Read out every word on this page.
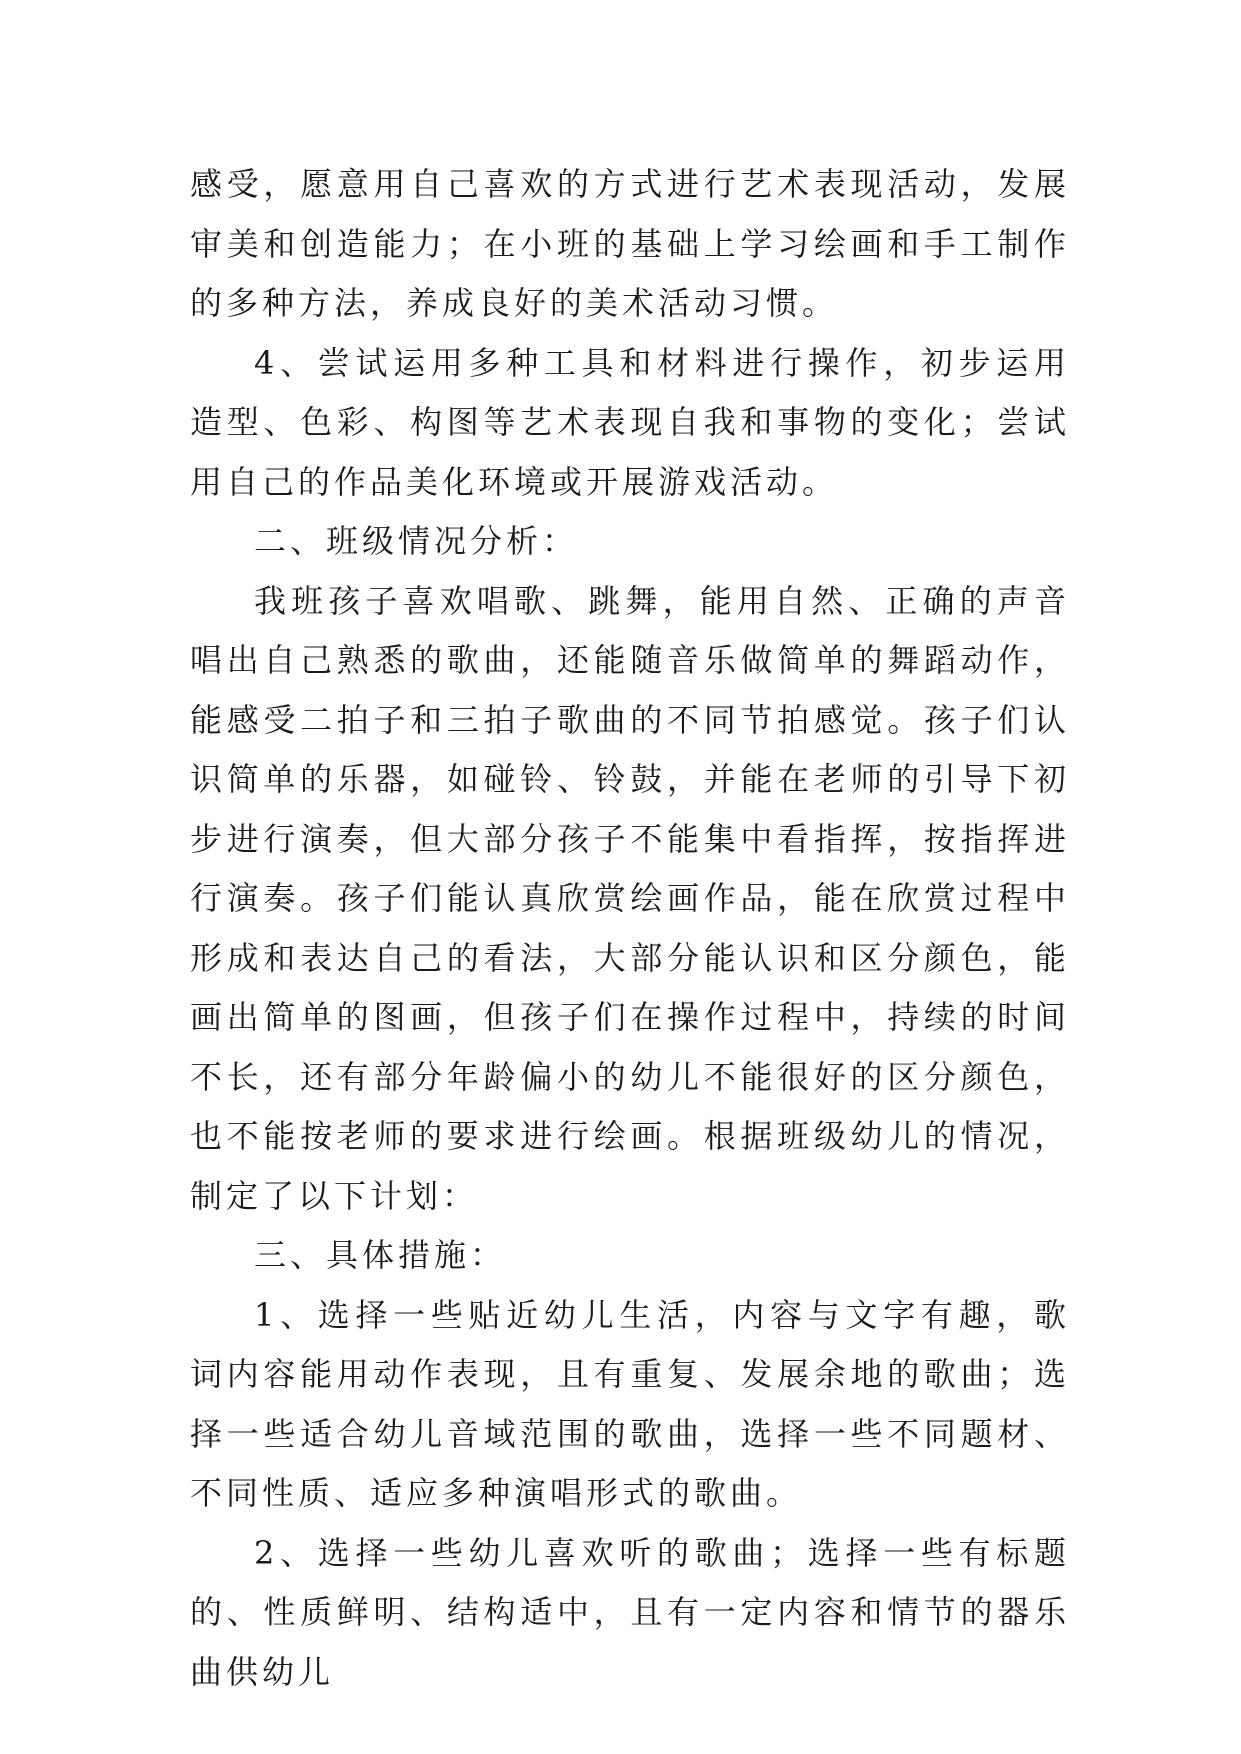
感受，愿意用自己喜欢的方式进行艺术表现活动，发展审美和创造能力；在小班的基础上学习绘画和手工制作的多种方法，养成良好的美术活动习惯。

4、尝试运用多种工具和材料进行操作，初步运用造型、色彩、构图等艺术表现自我和事物的变化；尝试用自己的作品美化环境或开展游戏活动。

二、班级情况分析：

我班孩子喜欢唱歌、跳舞，能用自然、正确的声音唱出自己熟悉的歌曲，还能随音乐做简单的舞蹈动作，能感受二拍子和三拍子歌曲的不同节拍感觉。孩子们认识简单的乐器，如碰铃、铃鼓，并能在老师的引导下初步进行演奏，但大部分孩子不能集中看指挥，按指挥进行演奏。孩子们能认真欣赏绘画作品，能在欣赏过程中形成和表达自己的看法，大部分能认识和区分颜色，能画出简单的图画，但孩子们在操作过程中，持续的时间不长，还有部分年龄偏小的幼儿不能很好的区分颜色，也不能按老师的要求进行绘画。根据班级幼儿的情况，制定了以下计划：

三、具体措施：

1、选择一些贴近幼儿生活，内容与文字有趣，歌词内容能用动作表现，且有重复、发展余地的歌曲；选择一些适合幼儿音域范围的歌曲，选择一些不同题材、不同性质、适应多种演唱形式的歌曲。

2、选择一些幼儿喜欢听的歌曲；选择一些有标题的、性质鲜明、结构适中，且有一定内容和情节的器乐曲供幼儿
